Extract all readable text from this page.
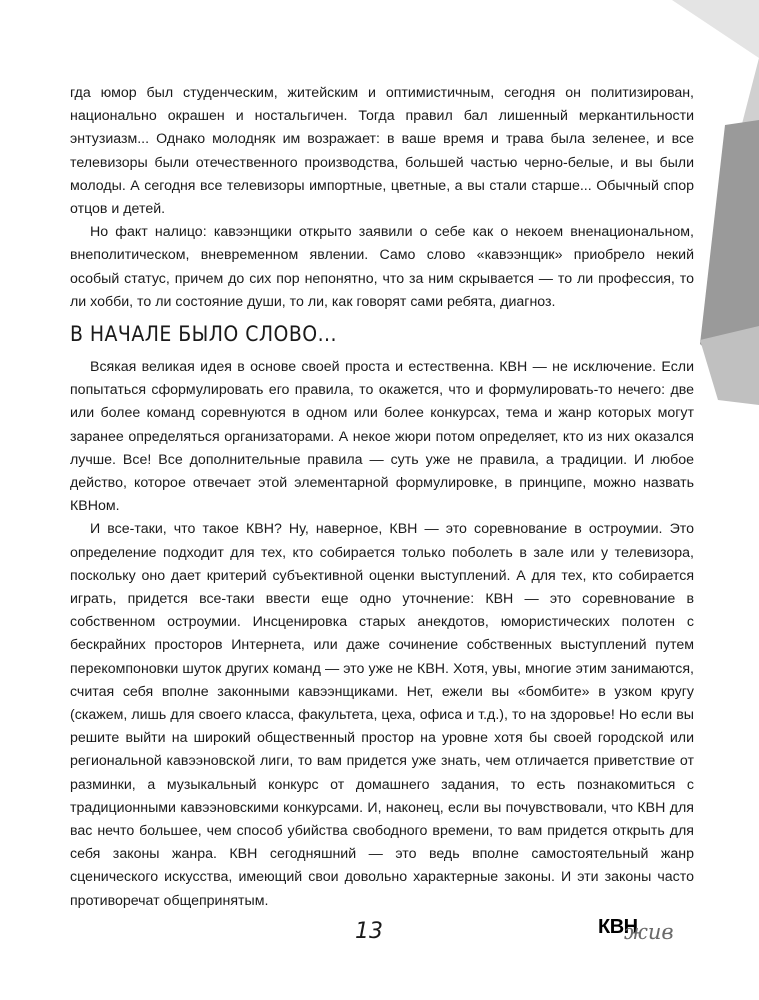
гда юмор был студенческим, житейским и оптимистичным, сегодня он политизирован, национально окрашен и ностальгичен. Тогда правил бал лишенный меркантильности энтузиазм... Однако молодняк им возражает: в ваше время и трава была зеленее, и все телевизоры были отечественного производства, большей частью черно-белые, и вы были молоды. А сегодня все телевизоры импортные, цветные, а вы стали старше... Обычный спор отцов и детей.

Но факт налицо: кавээнщики открыто заявили о себе как о некоем вненациональном, внеполитическом, вневременном явлении. Само слово «кавээнщик» приобрело некий особый статус, причем до сих пор непонятно, что за ним скрывается — то ли профессия, то ли хобби, то ли состояние души, то ли, как говорят сами ребята, диагноз.

В НАЧАЛЕ БЫЛО СЛОВО...

Всякая великая идея в основе своей проста и естественна. КВН — не исключение. Если попытаться сформулировать его правила, то окажется, что и формулировать-то нечего: две или более команд соревнуются в одном или более конкурсах, тема и жанр которых могут заранее определяться организаторами. А некое жюри потом определяет, кто из них оказался лучше. Все! Все дополнительные правила — суть уже не правила, а традиции. И любое действо, которое отвечает этой элементарной формулировке, в принципе, можно назвать КВНом.

И все-таки, что такое КВН? Ну, наверное, КВН — это соревнование в остроумии. Это определение подходит для тех, кто собирается только поболеть в зале или у телевизора, поскольку оно дает критерий субъективной оценки выступлений. А для тех, кто собирается играть, придется все-таки ввести еще одно уточнение: КВН — это соревнование в собственном остроумии. Инсценировка старых анекдотов, юмористических полотен с бескрайних просторов Интернета, или даже сочинение собственных выступлений путем перекомпоновки шуток других команд — это уже не КВН. Хотя, увы, многие этим занимаются, считая себя вполне законными кавээнщиками. Нет, ежели вы «бомбите» в узком кругу (скажем, лишь для своего класса, факультета, цеха, офиса и т.д.), то на здоровье! Но если вы решите выйти на широкий общественный простор на уровне хотя бы своей городской или региональной кавээновской лиги, то вам придется уже знать, чем отличается приветствие от разминки, а музыкальный конкурс от домашнего задания, то есть познакомиться с традиционными кавээновскими конкурсами. И, наконец, если вы почувствовали, что КВН для вас нечто большее, чем способ убийства свободного времени, то вам придется открыть для себя законы жанра. КВН сегодняшний — это ведь вполне самостоятельный жанр сценического искусства, имеющий свои довольно характерные законы. И эти законы часто противоречат общепринятым.

13	КВН
жив
